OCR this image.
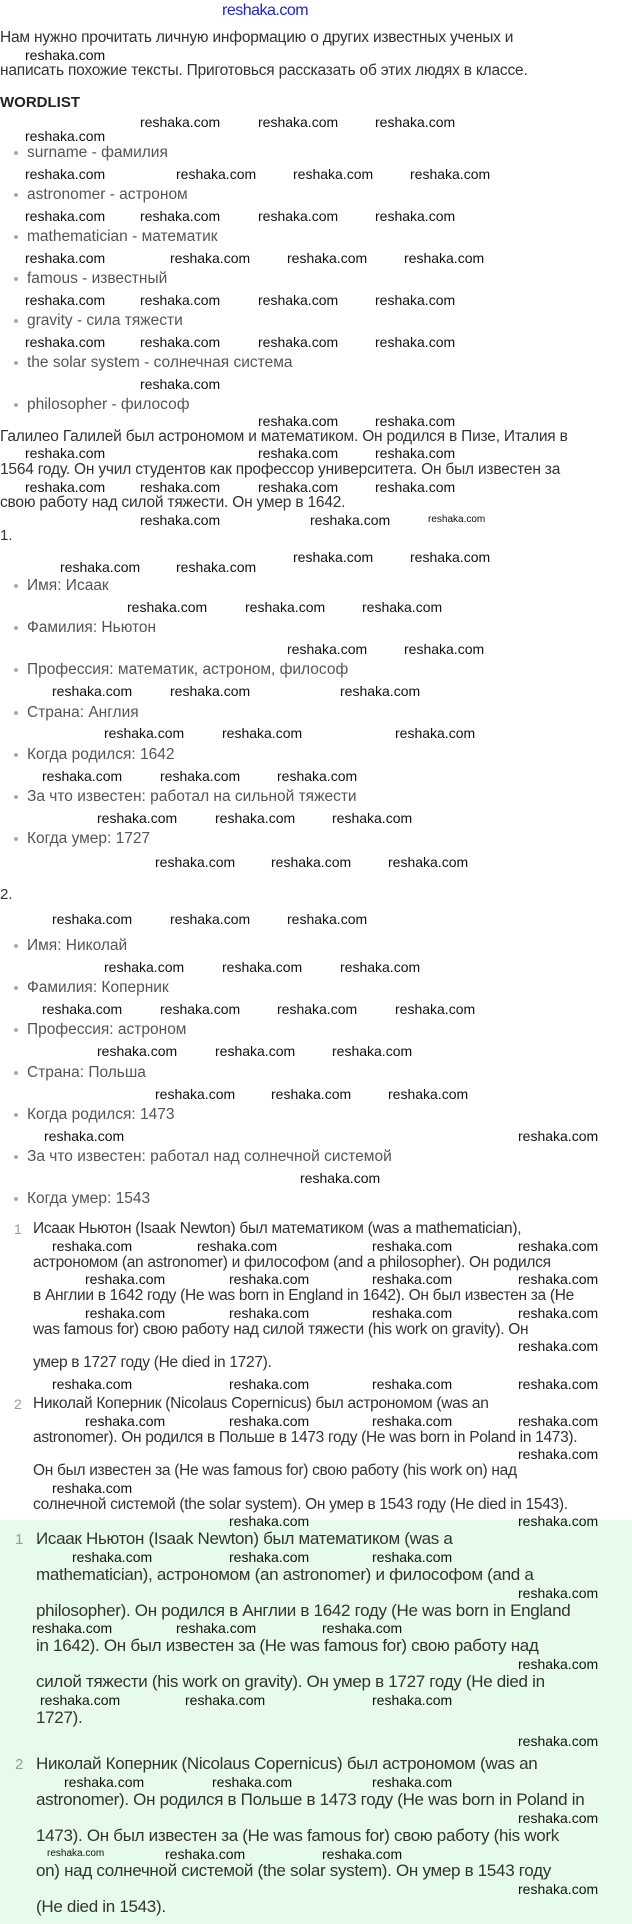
reshaka.com
Нам нужно прочитать личную информацию о других известных ученых и
написать похожие тексты. Приготовься рассказать об этих людях в классе.
WORDLIST
surname - фамилия
astronomer - астроном
mathematician - математик
famous - известный
gravity - сила тяжести
the solar system - солнечная система
philosopher - философ
Галилео Галилей был астрономом и математиком. Он родился в Пизе, Италия в
1564 году. Он учил студентов как профессор университета. Он был известен за
свою работу над силой тяжести. Он умер в 1642.
1.
Имя: Исаак
Фамилия: Ньютон
Профессия: математик, астроном, философ
Страна: Англия
Когда родился: 1642
За что известен: работал на сильной тяжести
Когда умер: 1727
2.
Имя: Николай
Фамилия: Коперник
Профессия: астроном
Страна: Польша
Когда родился: 1473
За что известен: работал над солнечной системой
Когда умер: 1543
1 Исаак Ньютон (Isaak Newton) был математиком (was a mathematician),
астрономом (an astronomer) и философом (and a philosopher). Он родился
в Англии в 1642 году (He was born in England in 1642). Он был известен за (He
was famous for) свою работу над силой тяжести (his work on gravity). Он
умер в 1727 году (He died in 1727).
2 Николай Коперник (Nicolaus Copernicus) был астрономом (was an
astronomer). Он родился в Польше в 1473 году (He was born in Poland in 1473).
Он был известен за (He was famous for) свою работу (his work on) над
солнечной системой (the solar system). Он умер в 1543 году (He died in 1543).
1 Исаак Ньютон (Isaak Newton) был математиком (was a
mathematician), астрономом (an astronomer) и философом (and a
philosopher). Он родился в Англии в 1642 году (He was born in England
in 1642). Он был известен за (He was famous for) свою работу над
силой тяжести (his work on gravity). Он умер в 1727 году (He died in
1727).
2 Николай Коперник (Nicolaus Copernicus) был астрономом (was an
astronomer). Он родился в Польше в 1473 году (He was born in Poland in
1473). Он был известен за (He was famous for) свою работу (his work
on) над солнечной системой (the solar system). Он умер в 1543 году
(He died in 1543).
reshaka.com
reshaka.com	reshaka.com	reshaka.com
reshaka.com
reshaka.com	reshaka.com	reshaka.com	reshaka.com
reshaka.com reshaka.com	reshaka.com	reshaka.com
reshaka.com	reshaka.com	reshaka.com	reshaka.com
reshaka.com reshaka.com	reshaka.com	reshaka.com
reshaka.com reshaka.com	reshaka.com	reshaka.com
reshaka.com
reshaka.com	reshaka.com
reshaka.com	reshaka.com	reshaka.com
reshaka.com reshaka.com	reshaka.com	reshaka.com
reshaka.com	reshaka.com	reshaka.com
reshaka.com	reshaka.com
reshaka.com	reshaka.com
reshaka.com	reshaka.com	reshaka.com
reshaka.com	reshaka.com
reshaka.com	reshaka.com	reshaka.com
reshaka.com	reshaka.com	reshaka.com
reshaka.com	reshaka.com	reshaka.com
reshaka.com	reshaka.com	reshaka.com
reshaka.com	reshaka.com	reshaka.com
reshaka.com	reshaka.com	reshaka.com
reshaka.com	reshaka.com	reshaka.com
reshaka.com	reshaka.com	reshaka.com	reshaka.com
reshaka.com	reshaka.com	reshaka.com
reshaka.com	reshaka.com	reshaka.com
reshaka.com	reshaka.com
reshaka.com
reshaka.com	reshaka.com	reshaka.com	reshaka.com
reshaka.com	reshaka.com	reshaka.com	reshaka.com
reshaka.com	reshaka.com	reshaka.com	reshaka.com
reshaka.com
reshaka.com	reshaka.com	reshaka.com	reshaka.com
reshaka.com	reshaka.com	reshaka.com	reshaka.com
reshaka.com
reshaka.com
reshaka.com	reshaka.com
reshaka.com	reshaka.com	reshaka.com
reshaka.com
reshaka.com	reshaka.com	reshaka.com
reshaka.com
reshaka.com	reshaka.com	reshaka.com
reshaka.com
reshaka.com	reshaka.com	reshaka.com
reshaka.com
reshaka.com	reshaka.com	reshaka.com
reshaka.com
